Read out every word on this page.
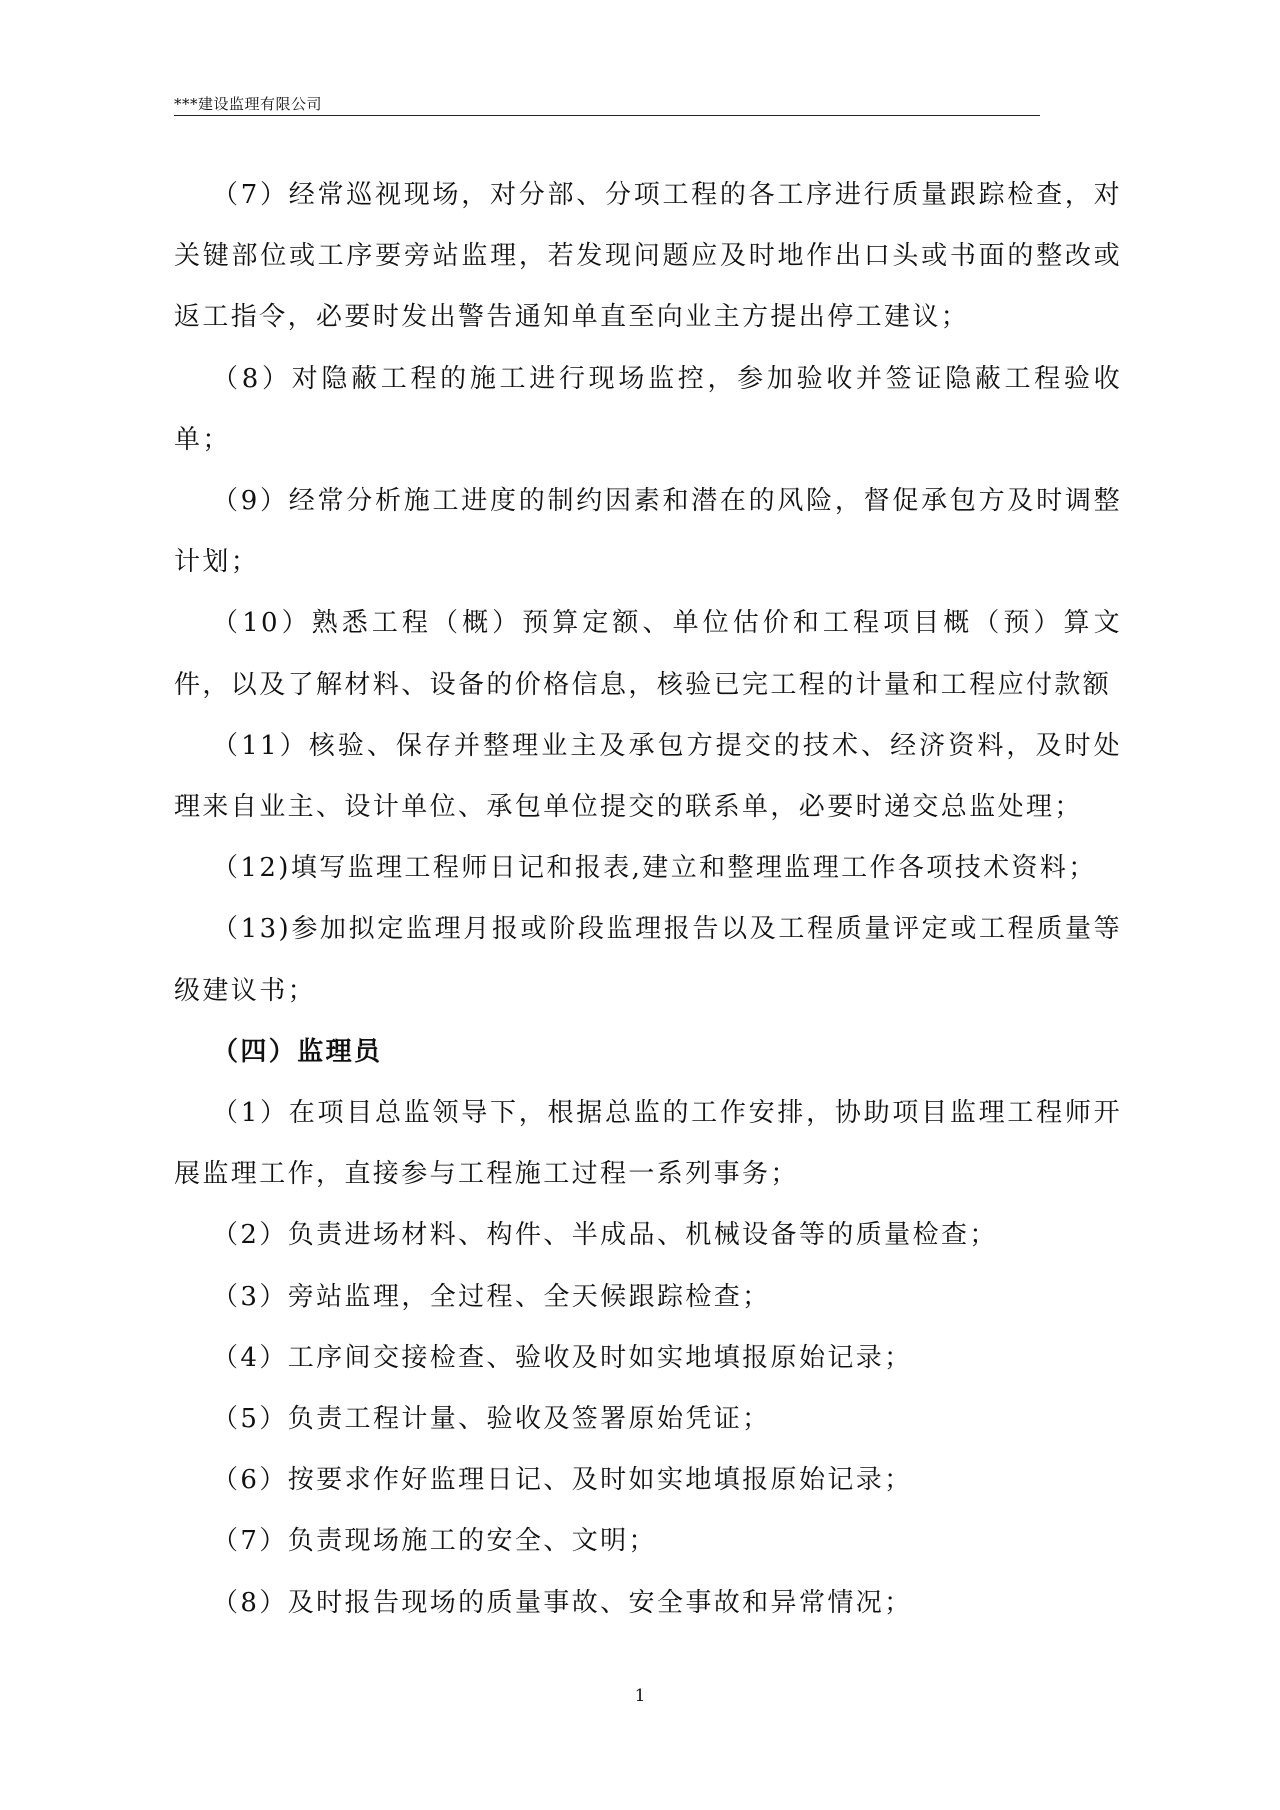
***建设监理有限公司

（7）经常巡视现场，对分部、分项工程的各工序进行质量跟踪检查，对关键部位或工序要旁站监理，若发现问题应及时地作出口头或书面的整改或返工指令，必要时发出警告通知单直至向业主方提出停工建议；

（8）对隐蔽工程的施工进行现场监控，参加验收并签证隐蔽工程验收单；

（9）经常分析施工进度的制约因素和潜在的风险，督促承包方及时调整计划；

（10）熟悉工程（概）预算定额、单位估价和工程项目概（预）算文件，以及了解材料、设备的价格信息，核验已完工程的计量和工程应付款额

（11）核验、保存并整理业主及承包方提交的技术、经济资料，及时处理来自业主、设计单位、承包单位提交的联系单，必要时递交总监处理；

（12)填写监理工程师日记和报表,建立和整理监理工作各项技术资料；

（13)参加拟定监理月报或阶段监理报告以及工程质量评定或工程质量等级建议书；

（四）监理员

（1）在项目总监领导下，根据总监的工作安排，协助项目监理工程师开展监理工作，直接参与工程施工过程一系列事务；

（2）负责进场材料、构件、半成品、机械设备等的质量检查；

（3）旁站监理，全过程、全天候跟踪检查；

（4）工序间交接检查、验收及时如实地填报原始记录；

（5）负责工程计量、验收及签署原始凭证；

（6）按要求作好监理日记、及时如实地填报原始记录；

（7）负责现场施工的安全、文明；

（8）及时报告现场的质量事故、安全事故和异常情况；

1
